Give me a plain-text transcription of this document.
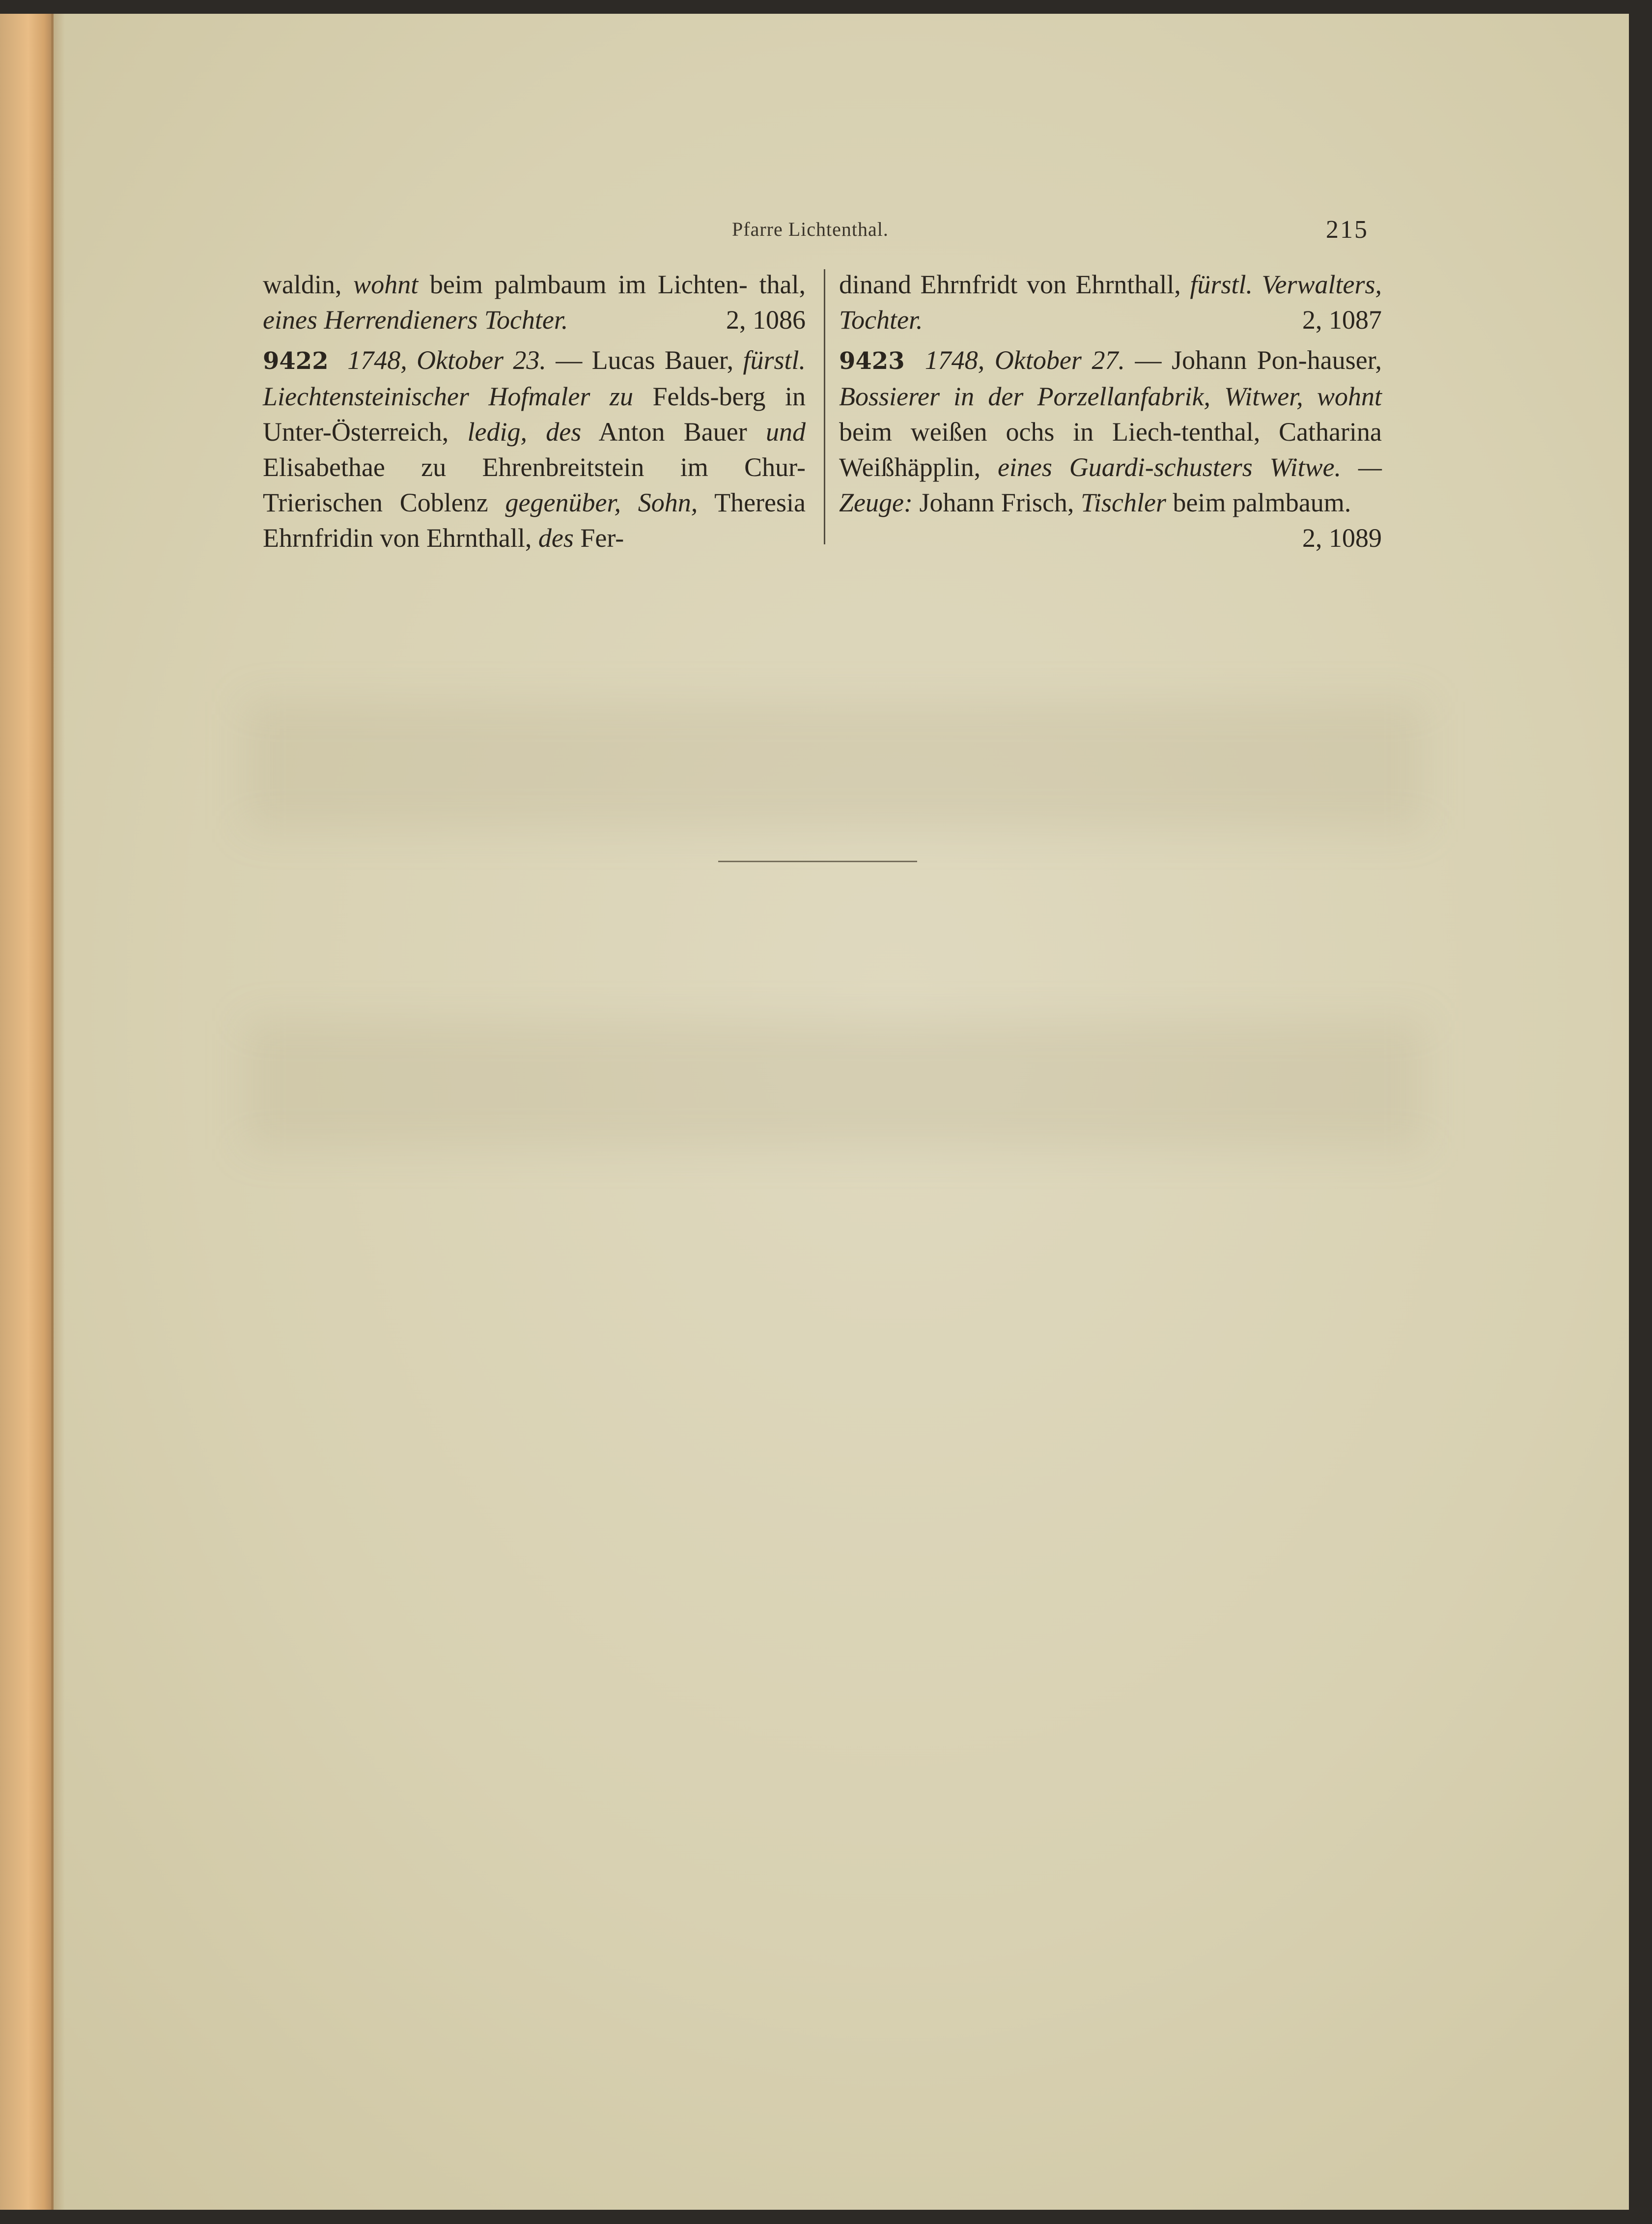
Pfarre Lichtenthal.	215

waldin, wohnt beim palmbaum im Lichten- thal, eines Herrendieners Tochter.	2, 1086

9422 1748, Oktober 23. — Lucas Bauer, fürstl. Liechtensteinischer Hofmaler zu Felds-berg in Unter-Österreich, ledig, des Anton Bauer und Elisabethae zu Ehrenbreitstein im Chur-Trierischen Coblenz gegenüber, Sohn, Theresia Ehrnfridin von Ehrnthall, des Fer-

dinand Ehrnfridt von Ehrnthall, fürstl. Verwalters, Tochter.	2, 1087

9423 1748, Oktober 27. — Johann Pon-hauser, Bossierer in der Porzellanfabrik, Witwer, wohnt beim weißen ochs in Liech-tenthal, Catharina Weißhäpplin, eines Guardi-schusters Witwe. — Zeuge: Johann Frisch, Tischler beim palmbaum.
2, 1089
